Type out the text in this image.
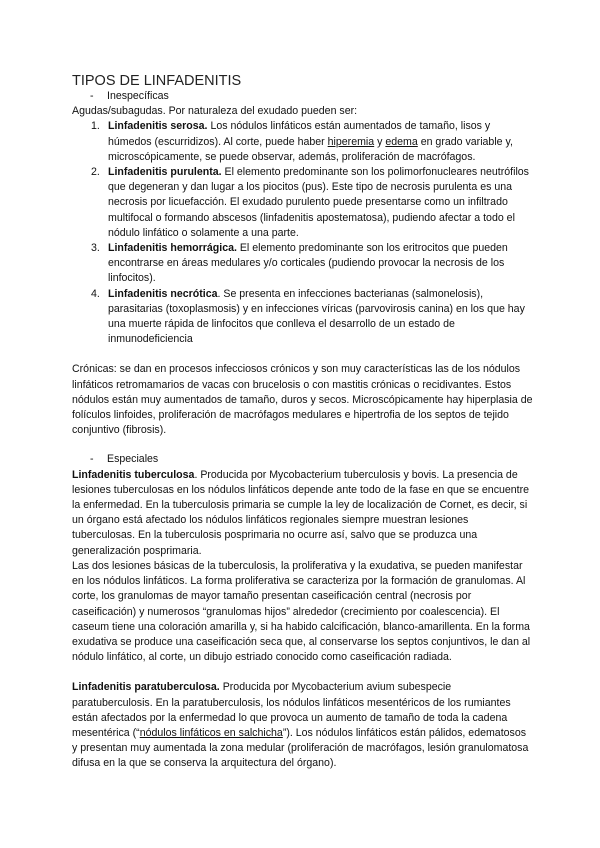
TIPOS DE LINFADENITIS

- Inespecíficas

Agudas/subagudas. Por naturaleza del exudado pueden ser:

1. Linfadenitis serosa. Los nódulos linfáticos están aumentados de tamaño, lisos y húmedos (escurridizos). Al corte, puede haber hiperemia y edema en grado variable y, microscópicamente, se puede observar, además, proliferación de macrófagos.
2. Linfadenitis purulenta. El elemento predominante son los polimorfonucleares neutrófilos que degeneran y dan lugar a los piocitos (pus). Este tipo de necrosis purulenta es una necrosis por licuefacción. El exudado purulento puede presentarse como un infiltrado multifocal o formando abscesos (linfadenitis apostematosa), pudiendo afectar a todo el nódulo linfático o solamente a una parte.
3. Linfadenitis hemorrágica. El elemento predominante son los eritrocitos que pueden encontrarse en áreas medulares y/o corticales (pudiendo provocar la necrosis de los linfocitos).
4. Linfadenitis necrótica. Se presenta en infecciones bacterianas (salmonelosis), parasitarias (toxoplasmosis) y en infecciones víricas (parvovirosis canina) en los que hay una muerte rápida de linfocitos que conlleva el desarrollo de un estado de inmunodeficiencia

Crónicas: se dan en procesos infecciosos crónicos y son muy características las de los nódulos linfáticos retromamarios de vacas con brucelosis o con mastitis crónicas o recidivantes. Estos nódulos están muy aumentados de tamaño, duros y secos. Microscópicamente hay hiperplasia de folículos linfoides, proliferación de macrófagos medulares e hipertrofia de los septos de tejido conjuntivo (fibrosis).

- Especiales

Linfadenitis tuberculosa. Producida por Mycobacterium tuberculosis y bovis. La presencia de lesiones tuberculosas en los nódulos linfáticos depende ante todo de la fase en que se encuentre la enfermedad. En la tuberculosis primaria se cumple la ley de localización de Cornet, es decir, si un órgano está afectado los nódulos linfáticos regionales siempre muestran lesiones tuberculosas. En la tuberculosis posprimaria no ocurre así, salvo que se produzca una generalización posprimaria.

Las dos lesiones básicas de la tuberculosis, la proliferativa y la exudativa, se pueden manifestar en los nódulos linfáticos. La forma proliferativa se caracteriza por la formación de granulomas. Al corte, los granulomas de mayor tamaño presentan caseificación central (necrosis por caseificación) y numerosos “granulomas hijos” alrededor (crecimiento por coalescencia). El caseum tiene una coloración amarilla y, si ha habido calcificación, blanco-amarillenta. En la forma exudativa se produce una caseificación seca que, al conservarse los septos conjuntivos, le dan al nódulo linfático, al corte, un dibujo estriado conocido como caseificación radiada.

Linfadenitis paratuberculosa. Producida por Mycobacterium avium subespecie paratuberculosis. En la paratuberculosis, los nódulos linfáticos mesentéricos de los rumiantes están afectados por la enfermedad lo que provoca un aumento de tamaño de toda la cadena mesentérica (“nódulos linfáticos en salchicha”). Los nódulos linfáticos están pálidos, edematosos y presentan muy aumentada la zona medular (proliferación de macrófagos, lesión granulomatosa difusa en la que se conserva la arquitectura del órgano).
